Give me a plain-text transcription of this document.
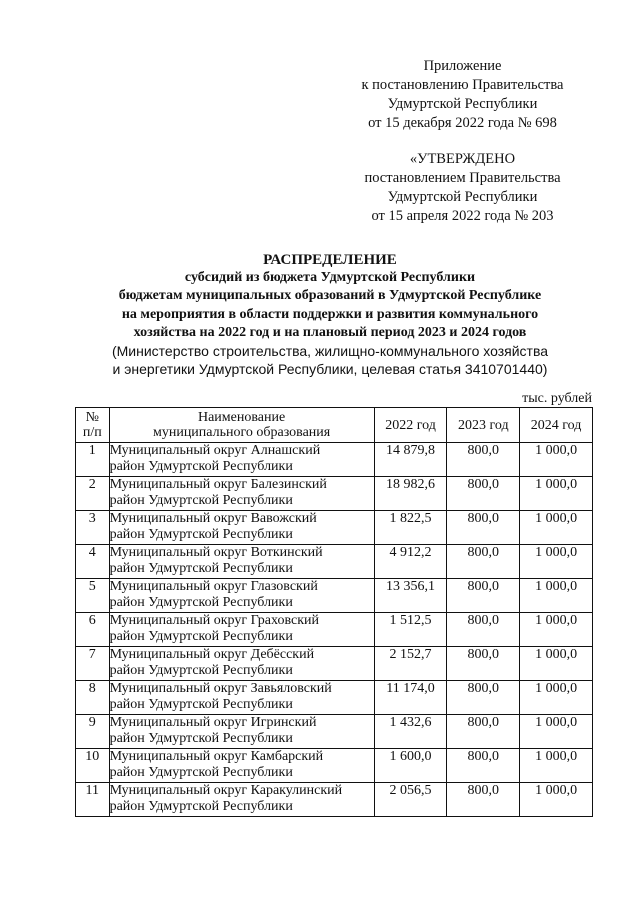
Приложение
к постановлению Правительства
Удмуртской Республики
от 15 декабря 2022 года № 698
«УТВЕРЖДЕНО
постановлением Правительства
Удмуртской Республики
от 15 апреля 2022 года № 203
РАСПРЕДЕЛЕНИЕ
субсидий из бюджета Удмуртской Республики
бюджетам муниципальных образований в Удмуртской Республике
на мероприятия в области поддержки и развития коммунального
хозяйства на 2022 год и на плановый период 2023 и 2024 годов
(Министерство строительства, жилищно-коммунального хозяйства
и энергетики Удмуртской Республики, целевая статья 3410701440)
тыс. рублей
№
п/п	Наименование
муниципального образования	2022 год	2023 год	2024 год
1	Муниципальный округ Алнашский
район Удмуртской Республики	14 879,8	800,0	1 000,0
2	Муниципальный округ Балезинский
район Удмуртской Республики	18 982,6	800,0	1 000,0
3	Муниципальный округ Вавожский
район Удмуртской Республики	1 822,5	800,0	1 000,0
4	Муниципальный округ Воткинский
район Удмуртской Республики	4 912,2	800,0	1 000,0
5	Муниципальный округ Глазовский
район Удмуртской Республики	13 356,1	800,0	1 000,0
6	Муниципальный округ Граховский
район Удмуртской Республики	1 512,5	800,0	1 000,0
7	Муниципальный округ Дебёсский
район Удмуртской Республики	2 152,7	800,0	1 000,0
8	Муниципальный округ Завьяловский
район Удмуртской Республики	11 174,0	800,0	1 000,0
9	Муниципальный округ Игринский
район Удмуртской Республики	1 432,6	800,0	1 000,0
10	Муниципальный округ Камбарский
район Удмуртской Республики	1 600,0	800,0	1 000,0
11	Муниципальный округ Каракулинский
район Удмуртской Республики	2 056,5	800,0	1 000,0
